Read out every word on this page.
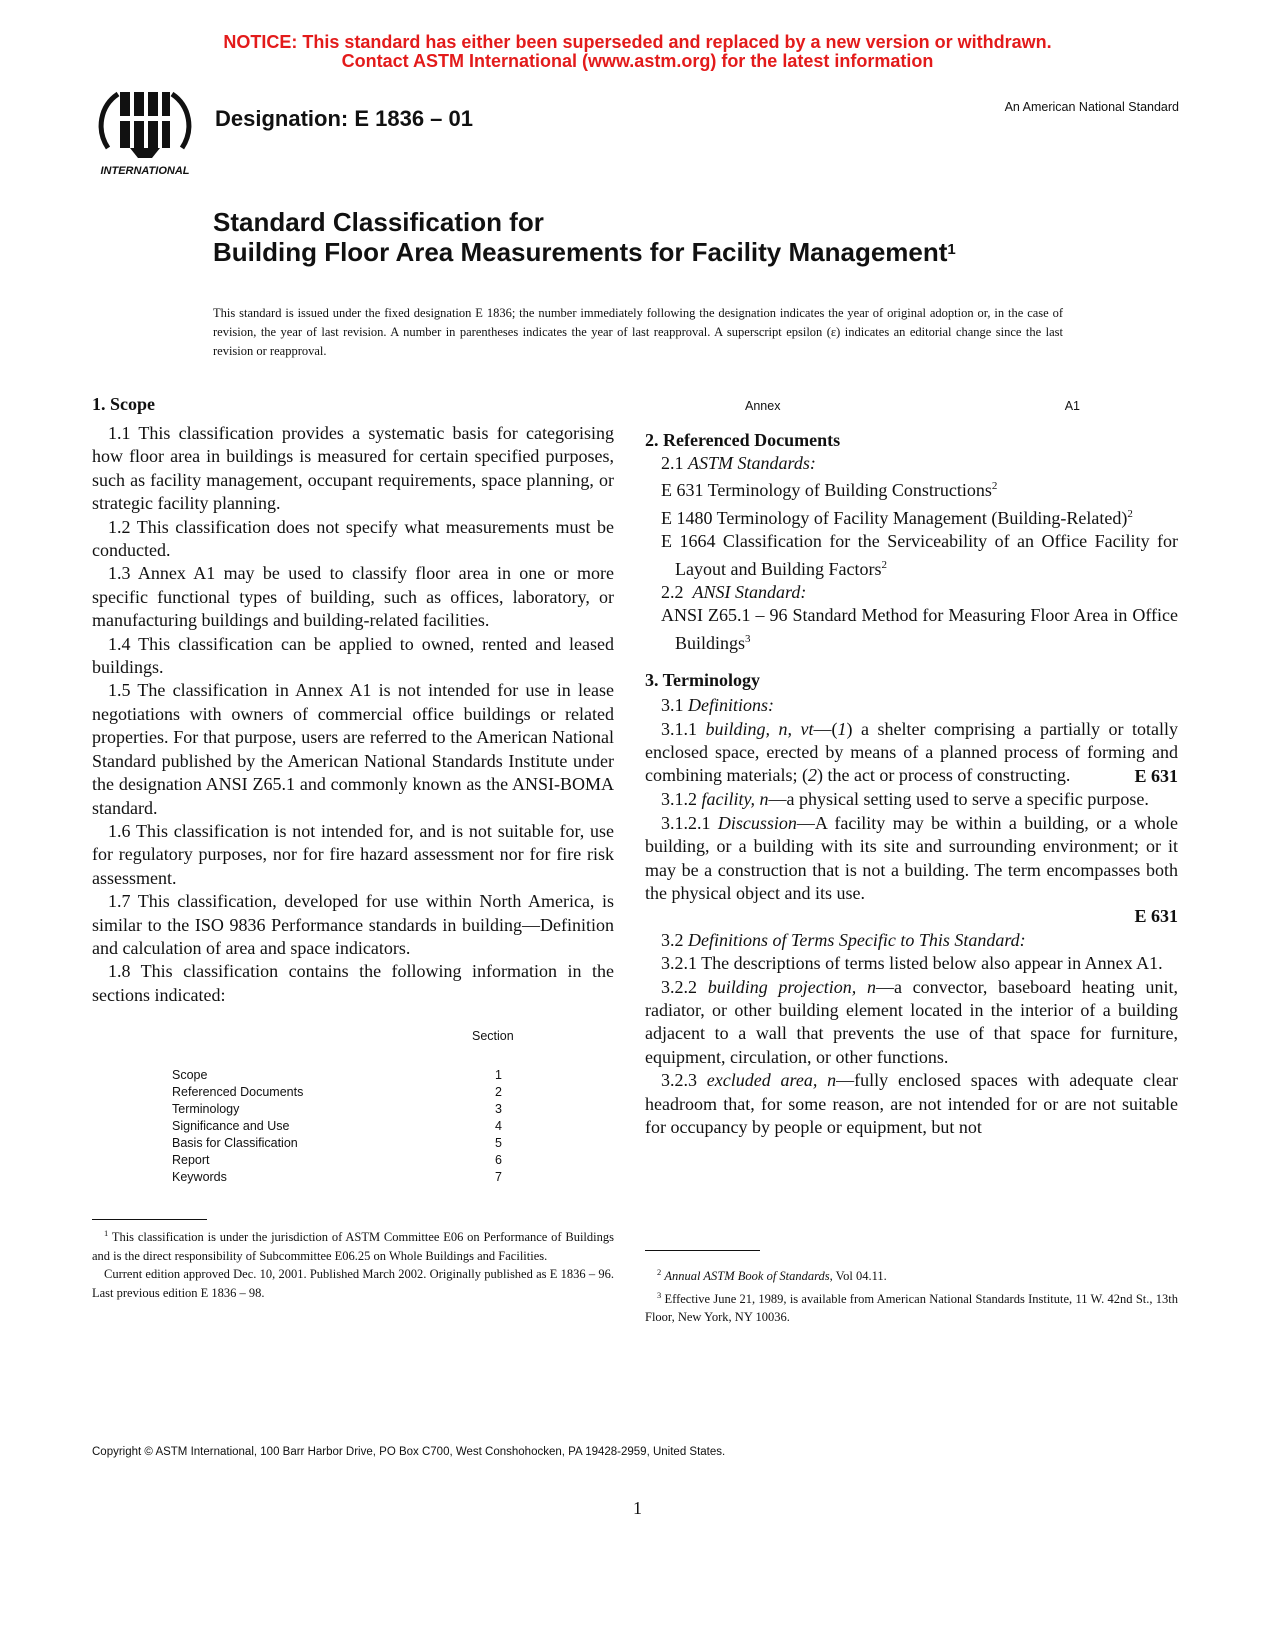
NOTICE: This standard has either been superseded and replaced by a new version or withdrawn.
Contact ASTM International (www.astm.org) for the latest information
INTERNATIONAL
Designation: E 1836 – 01	An American National Standard
Standard Classification for
Building Floor Area Measurements for Facility Management$^1$
This standard is issued under the fixed designation E 1836; the number immediately following the designation indicates the year of original adoption or, in the case of revision, the year of last revision. A number in parentheses indicates the year of last reapproval. A superscript epsilon (ε) indicates an editorial change since the last revision or reapproval.
1. Scope

1.1 This classification provides a systematic basis for categorising how floor area in buildings is measured for certain specified purposes, such as facility management, occupant requirements, space planning, or strategic facility planning.

1.2 This classification does not specify what measurements must be conducted.

1.3 Annex A1 may be used to classify floor area in one or more specific functional types of building, such as offices, laboratory, or manufacturing buildings and building-related facilities.

1.4 This classification can be applied to owned, rented and leased buildings.

1.5 The classification in Annex A1 is not intended for use in lease negotiations with owners of commercial office buildings or related properties. For that purpose, users are referred to the American National Standard published by the American National Standards Institute under the designation ANSI Z65.1 and commonly known as the ANSI-BOMA standard.

1.6 This classification is not intended for, and is not suitable for, use for regulatory purposes, nor for fire hazard assessment nor for fire risk assessment.

1.7 This classification, developed for use within North America, is similar to the ISO 9836 Performance standards in building—Definition and calculation of area and space indicators.

1.8 This classification contains the following information in the sections indicated:

Section
Scope	1
Referenced Documents	2
Terminology	3
Significance and Use	4
Basis for Classification	5
Report	6
Keywords	7

$^1$ This classification is under the jurisdiction of ASTM Committee E06 on Performance of Buildings and is the direct responsibility of Subcommittee E06.25 on Whole Buildings and Facilities.

Current edition approved Dec. 10, 2001. Published March 2002. Originally published as E 1836 – 96. Last previous edition E 1836 – 98.

Annex	A1
2. Referenced Documents

2.1 ASTM Standards:

E 631 Terminology of Building Constructions$^2$

E 1480 Terminology of Facility Management (Building-Related)$^2$

E 1664 Classification for the Serviceability of an Office Facility for Layout and Building Factors$^2$

2.2 ANSI Standard:

ANSI Z65.1 – 96 Standard Method for Measuring Floor Area in Office Buildings$^3$

3. Terminology

3.1 Definitions:

3.1.1 building, n, vt—(1) a shelter comprising a partially or totally enclosed space, erected by means of a planned process of forming and combining materials; (2) the act or process of constructing.	E 631

3.1.2 facility, n—a physical setting used to serve a specific purpose.

3.1.2.1 Discussion—A facility may be within a building, or a whole building, or a building with its site and surrounding environment; or it may be a construction that is not a building. The term encompasses both the physical object and its use.

E 631

3.2 Definitions of Terms Specific to This Standard:

3.2.1 The descriptions of terms listed below also appear in Annex A1.

3.2.2 building projection, n—a convector, baseboard heating unit, radiator, or other building element located in the interior of a building adjacent to a wall that prevents the use of that space for furniture, equipment, circulation, or other functions.

3.2.3 excluded area, n—fully enclosed spaces with adequate clear headroom that, for some reason, are not intended for or are not suitable for occupancy by people or equipment, but not

$^2$ Annual ASTM Book of Standards, Vol 04.11.

$^3$ Effective June 21, 1989, is available from American National Standards Institute, 11 W. 42nd St., 13th Floor, New York, NY 10036.

Copyright © ASTM International, 100 Barr Harbor Drive, PO Box C700, West Conshohocken, PA 19428-2959, United States.
1
